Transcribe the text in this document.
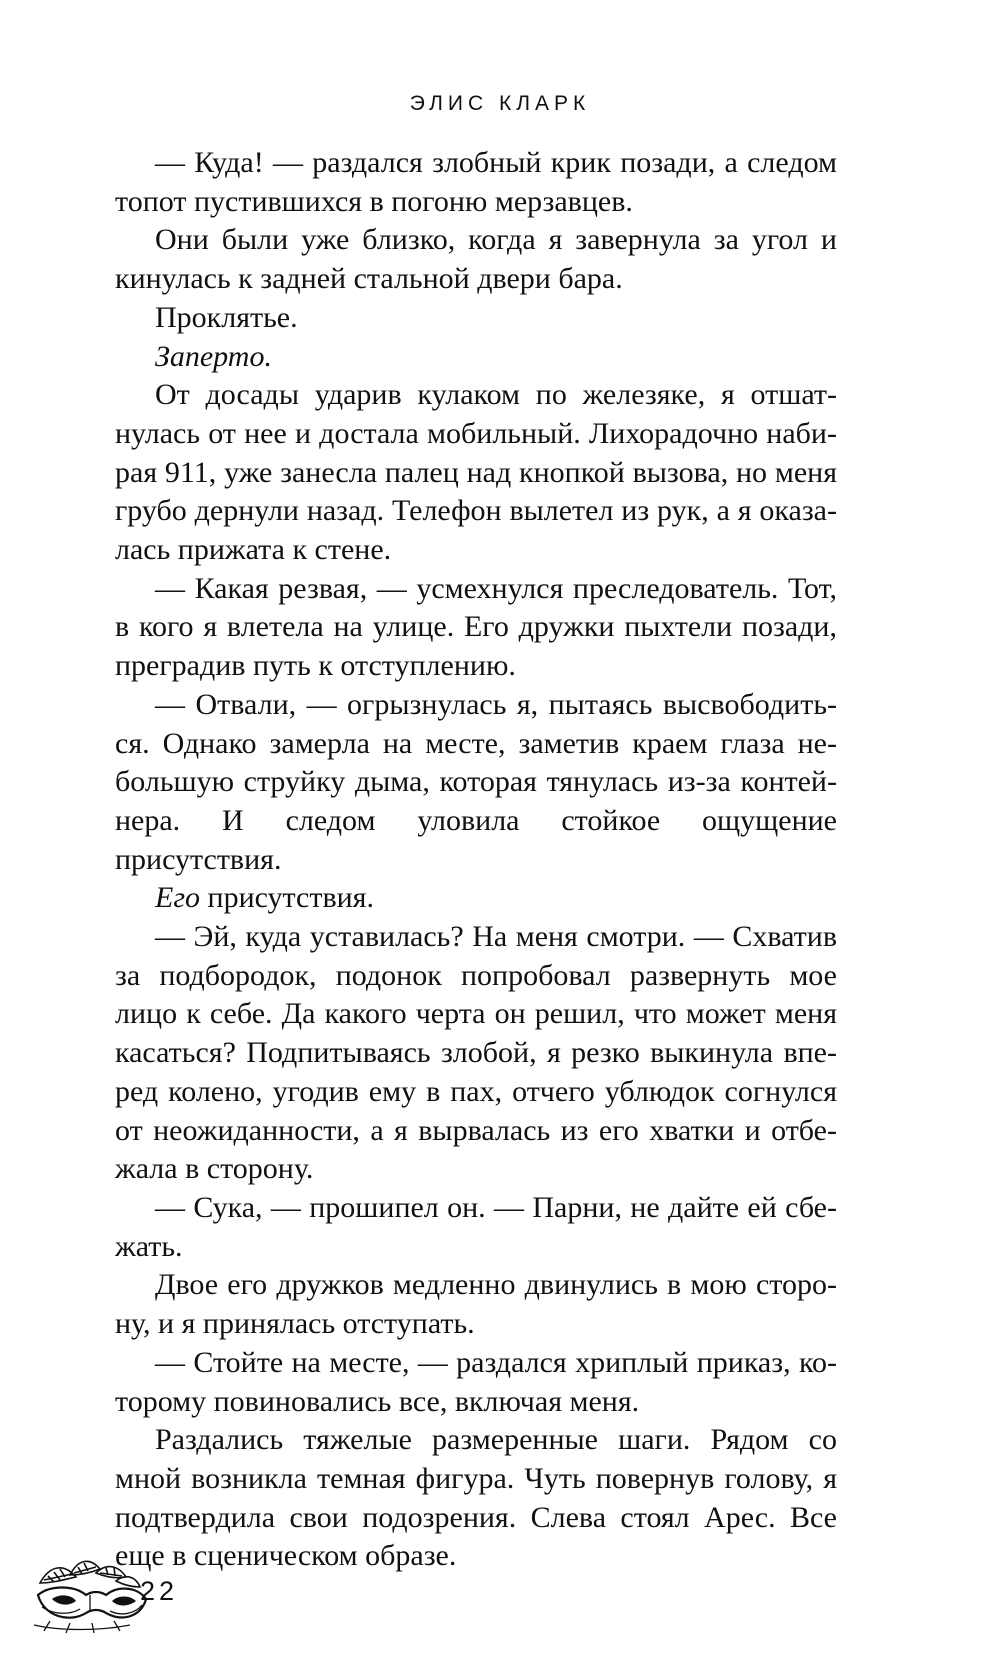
ЭЛИС КЛАРК

— Куда! — раздался злобный крик позади, а следом топот пустившихся в погоню мерзавцев.

Они были уже близко, когда я завернула за угол и кинулась к задней стальной двери бара.

Проклятье.

Заперто.

От досады ударив кулаком по железяке, я отшатнулась от нее и достала мобильный. Лихорадочно набирая 911, уже занесла палец над кнопкой вызова, но меня грубо дернули назад. Телефон вылетел из рук, а я оказалась прижата к стене.

— Какая резвая, — усмехнулся преследователь. Тот, в кого я влетела на улице. Его дружки пыхтели позади, преградив путь к отступлению.

— Отвали, — огрызнулась я, пытаясь высвободиться. Однако замерла на месте, заметив краем глаза небольшую струйку дыма, которая тянулась из-за контейнера. И следом уловила стойкое ощущение присутствия.

Его присутствия.

— Эй, куда уставилась? На меня смотри. — Схватив за подбородок, подонок попробовал развернуть мое лицо к себе. Да какого черта он решил, что может меня касаться? Подпитываясь злобой, я резко выкинула вперед колено, угодив ему в пах, отчего ублюдок согнулся от неожиданности, а я вырвалась из его хватки и отбежала в сторону.

— Сука, — прошипел он. — Парни, не дайте ей сбежать.

Двое его дружков медленно двинулись в мою сторону, и я принялась отступать.

— Стойте на месте, — раздался хриплый приказ, которому повиновались все, включая меня.

Раздались тяжелые размеренные шаги. Рядом со мной возникла темная фигура. Чуть повернув голову, я подтвердила свои подозрения. Слева стоял Арес. Все еще в сценическом образе.

22
